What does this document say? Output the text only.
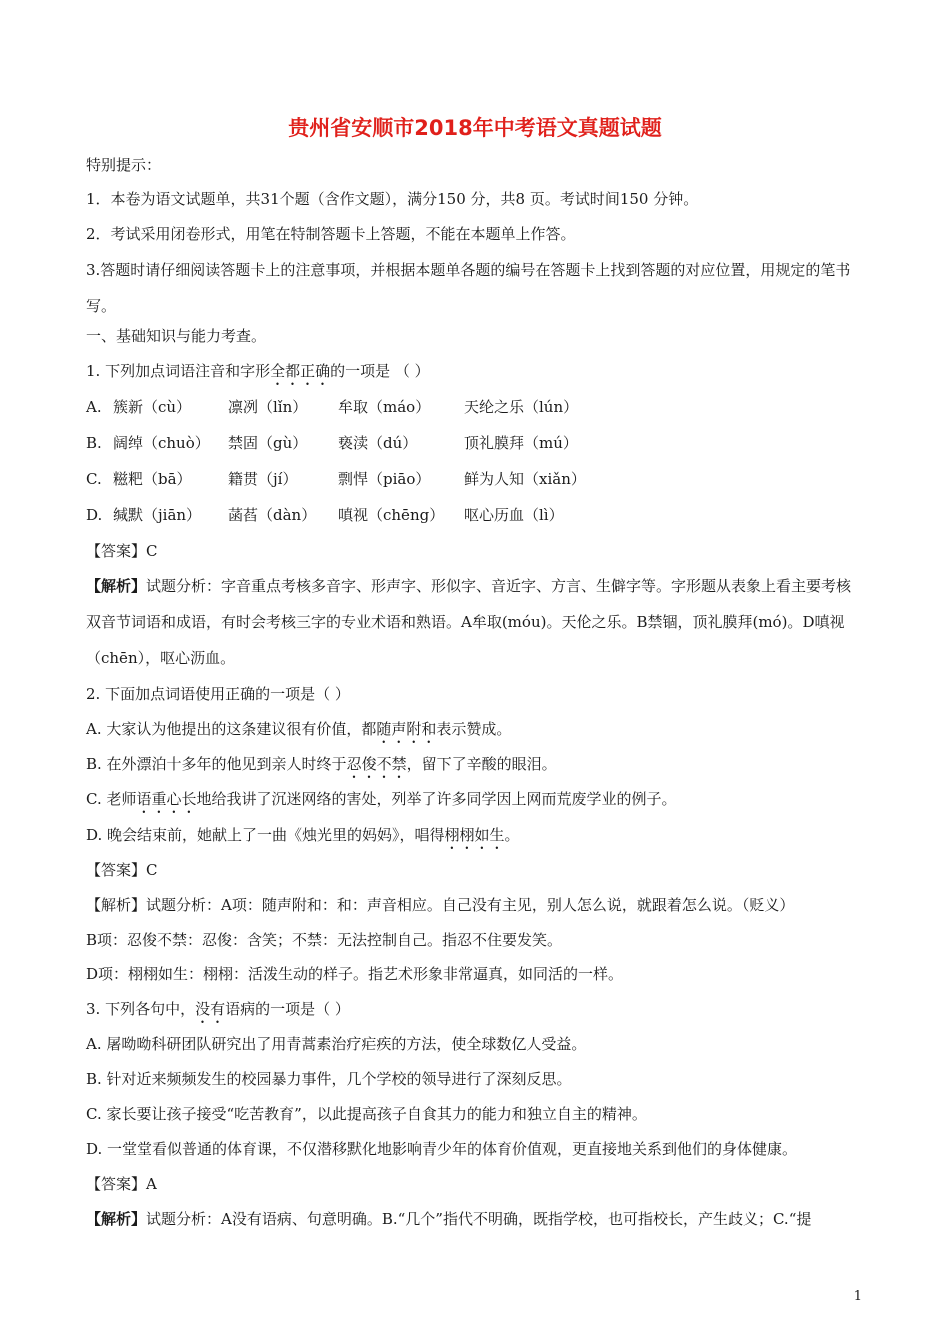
贵州省安顺市2018年中考语文真题试题
特别提示：
1．本卷为语文试题单，共31个题（含作文题），满分150 分，共8 页。考试时间150 分钟。
2．考试采用闭卷形式，用笔在特制答题卡上答题，不能在本题单上作答。
3.答题时请仔细阅读答题卡上的注意事项，并根据本题单各题的编号在答题卡上找到答题的对应位置，用规定的笔书写。
一、基础知识与能力考查。
1. 下列加点词语注音和字形全都正确的一项是 （ ）
A. 簇新（cù） 凛冽（lǐn） 牟取（máo） 天纶之乐（lún）
B. 阔绰（chuò） 禁固（gù） 亵渎（dú）	顶礼膜拜（mú）
C. 糍粑（bā） 籍贯（jí）	剽悍（piāo） 鲜为人知（xiǎn）
D. 缄默（jiān） 菡萏（dàn） 嗔视（chēng） 呕心历血（lì）
【答案】C
【解析】试题分析：字音重点考核多音字、形声字、形似字、音近字、方言、生僻字等。字形题从表象上看主要考核双音节词语和成语，有时会考核三字的专业术语和熟语。A牟取(móu)。天伦之乐。B禁锢，顶礼膜拜(mó)。D嗔视（chēn），呕心沥血。
2. 下面加点词语使用正确的一项是（ ）
A. 大家认为他提出的这条建议很有价值，都随声附和表示赞成。
B. 在外漂泊十多年的他见到亲人时终于忍俊不禁，留下了辛酸的眼泪。
C. 老师语重心长地给我讲了沉迷网络的害处，列举了许多同学因上网而荒废学业的例子。
D. 晚会结束前，她献上了一曲《烛光里的妈妈》，唱得栩栩如生。
【答案】C
【解析】试题分析：A项：随声附和：和：声音相应。自己没有主见，别人怎么说，就跟着怎么说。（贬义）
B项：忍俊不禁：忍俊：含笑；不禁：无法控制自己。指忍不住要发笑。
D项：栩栩如生：栩栩：活泼生动的样子。指艺术形象非常逼真，如同活的一样。
3. 下列各句中，没有语病的一项是（ ）
A. 屠呦呦科研团队研究出了用青蒿素治疗疟疾的方法，使全球数亿人受益。
B. 针对近来频频发生的校园暴力事件，几个学校的领导进行了深刻反思。
C. 家长要让孩子接受“吃苦教育”，以此提高孩子自食其力的能力和独立自主的精神。
D. 一堂堂看似普通的体育课，不仅潜移默化地影响青少年的体育价值观，更直接地关系到他们的身体健康。
【答案】A
【解析】试题分析：A没有语病、句意明确。B.“几个”指代不明确，既指学校，也可指校长，产生歧义；C.“提
1
